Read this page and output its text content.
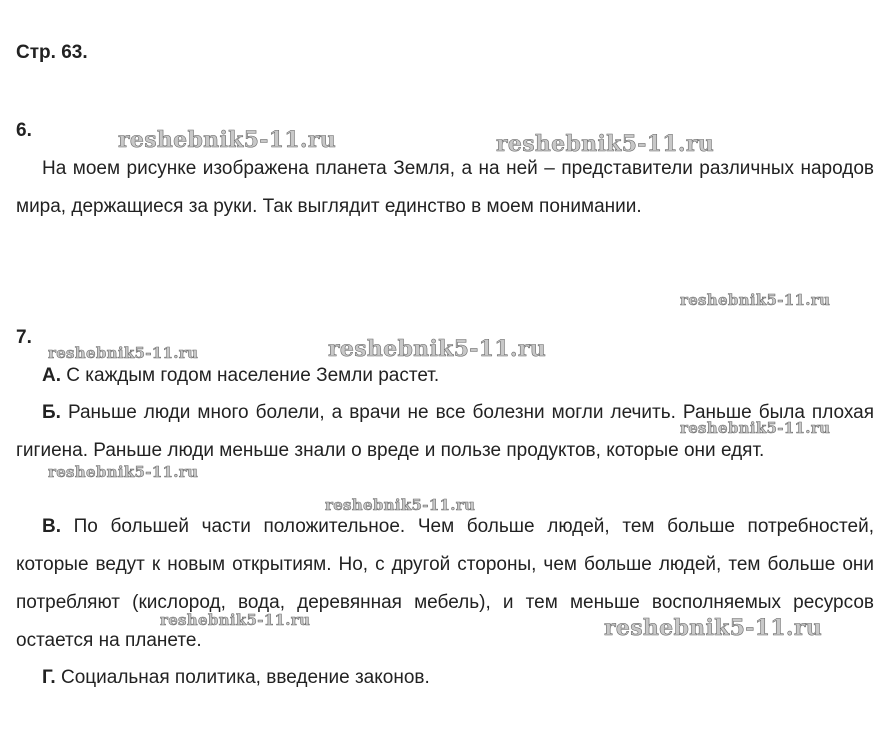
Стр. 63.
6.
На моем рисунке изображена планета Земля, а на ней – представители различных народов мира, держащиеся за руки. Так выглядит единство в моем понимании.
7.
А. С каждым годом население Земли растет.
Б. Раньше люди много болели, а врачи не все болезни могли лечить. Раньше была плохая гигиена. Раньше люди меньше знали о вреде и пользе продуктов, которые они едят.
В. По большей части положительное. Чем больше людей, тем больше потребностей, которые ведут к новым открытиям. Но, с другой стороны, чем больше людей, тем больше они потребляют (кислород, вода, деревянная мебель), и тем меньше восполняемых ресурсов остается на планете.
Г. Социальная политика, введение законов.
reshebnik5-11.ru	reshebnik5-11.ru
reshebnik5-11.ru
reshebnik5-11.ru	reshebnik5-11.ru
reshebnik5-11.ru
reshebnik5-11.ru
reshebnik5-11.ru
reshebnik5-11.ru	reshebnik5-11.ru
